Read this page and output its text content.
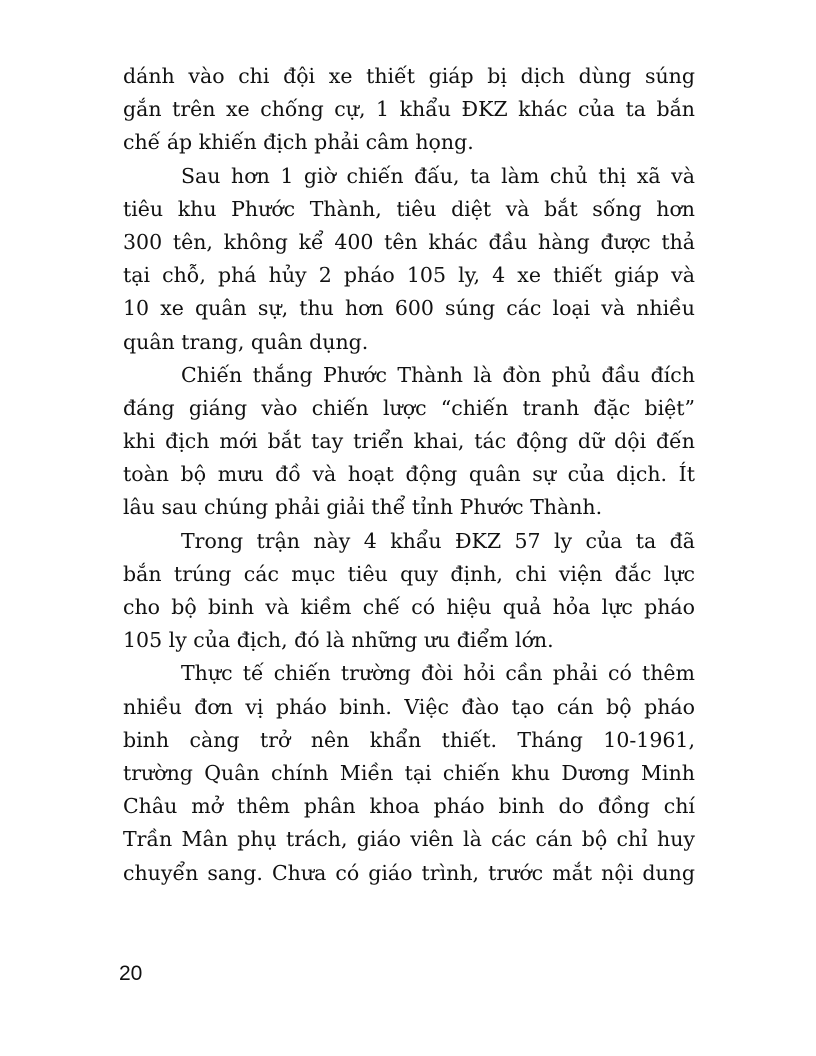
dánh vào chi đội xe thiết giáp bị dịch dùng súng
gắn trên xe chống cự, 1 khẩu ĐKZ khác của ta bắn
chế áp khiến địch phải câm họng.
Sau hơn 1 giờ chiến đấu, ta làm chủ thị xã và
tiêu khu Phước Thành, tiêu diệt và bắt sống hơn
300 tên, không kể 400 tên khác đầu hàng được thả
tại chỗ, phá hủy 2 pháo 105 ly, 4 xe thiết giáp và
10 xe quân sự, thu hơn 600 súng các loại và nhiều
quân trang, quân dụng.
Chiến thắng Phước Thành là đòn phủ đầu đích
đáng giáng vào chiến lược “chiến tranh đặc biệt”
khi địch mới bắt tay triển khai, tác động dữ dội đến
toàn bộ mưu đồ và hoạt động quân sự của dịch. Ít
lâu sau chúng phải giải thể tỉnh Phước Thành.
Trong trận này 4 khẩu ĐKZ 57 ly của ta đã
bắn trúng các mục tiêu quy định, chi viện đắc lực
cho bộ binh và kiềm chế có hiệu quả hỏa lực pháo
105 ly của địch, đó là những ưu điểm lớn.
Thực tế chiến trường đòi hỏi cần phải có thêm
nhiều đơn vị pháo binh. Việc đào tạo cán bộ pháo
binh càng trở nên khẩn thiết. Tháng 10-1961,
trường Quân chính Miền tại chiến khu Dương Minh
Châu mở thêm phân khoa pháo binh do đồng chí
Trần Mân phụ trách, giáo viên là các cán bộ chỉ huy
chuyển sang. Chưa có giáo trình, trước mắt nội dung
20
